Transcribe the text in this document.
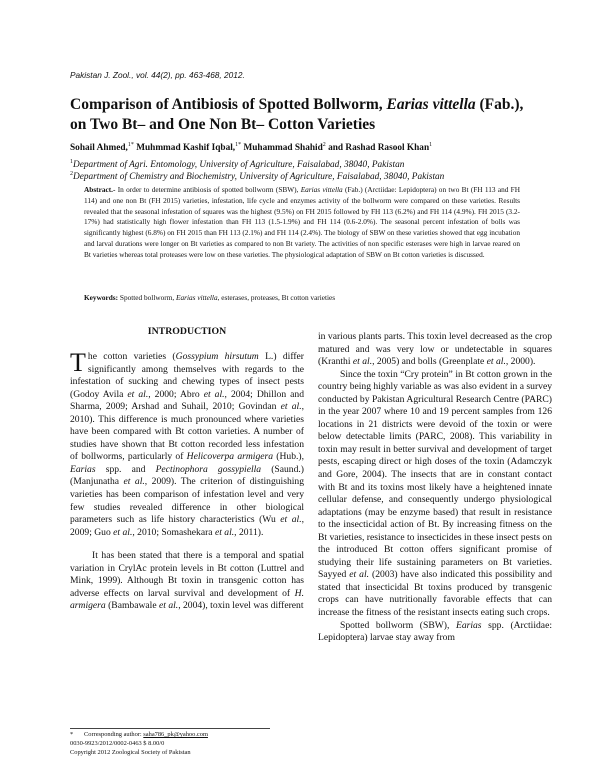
Pakistan J. Zool., vol. 44(2), pp. 463-468, 2012.
Comparison of Antibiosis of Spotted Bollworm, Earias vittella (Fab.), on Two Bt– and One Non Bt– Cotton Varieties
Sohail Ahmed,$^{1*}$ Muhmmad Kashif Iqbal,$^{1*}$ Muhammad Shahid$^2$ and Rashad Rasool Khan$^1$
$^1$Department of Agri. Entomology, University of Agriculture, Faisalabad, 38040, Pakistan
$^2$Department of Chemistry and Biochemistry, University of Agriculture, Faisalabad, 38040, Pakistan
Abstract.- In order to determine antibiosis of spotted bollworm (SBW), Earias vittella (Fab.) (Arctiidae: Lepidoptera) on two Bt (FH 113 and FH 114) and one non Bt (FH 2015) varieties, infestation, life cycle and enzymes activity of the bollworm were compared on these varieties. Results revealed that the seasonal infestation of squares was the highest (9.5%) on FH 2015 followed by FH 113 (6.2%) and FH 114 (4.9%). FH 2015 (3.2-17%) had statistically high flower infestation than FH 113 (1.5-1.9%) and FH 114 (0.6-2.0%). The seasonal percent infestation of bolls was significantly highest (6.8%) on FH 2015 than FH 113 (2.1%) and FH 114 (2.4%). The biology of SBW on these varieties showed that egg incubation and larval durations were longer on Bt varieties as compared to non Bt variety. The activities of non specific esterases were high in larvae reared on Bt varieties whereas total proteases were low on these varieties. The physiological adaptation of SBW on Bt cotton varieties is discussed.
Keywords: Spotted bollworm, Earias vittella, esterases, proteases, Bt cotton varieties
INTRODUCTION

The cotton varieties (Gossypium hirsutum L.) differ significantly among themselves with regards to the infestation of sucking and chewing types of insect pests (Godoy Avila et al., 2000; Abro et al., 2004; Dhillon and Sharma, 2009; Arshad and Suhail, 2010; Govindan et al., 2010). This difference is much pronounced where varieties have been compared with Bt cotton varieties. A number of studies have shown that Bt cotton recorded less infestation of bollworms, particularly of Helicoverpa armigera (Hub.), Earias spp. and Pectinophora gossypiella (Saund.) (Manjunatha et al., 2009). The criterion of distinguishing varieties has been comparison of infestation level and very few studies revealed difference in other biological parameters such as life history characteristics (Wu et al., 2009; Guo et al., 2010; Somashekara et al., 2011).

It has been stated that there is a temporal and spatial variation in CrylAc protein levels in Bt cotton (Luttrel and Mink, 1999). Although Bt toxin in transgenic cotton has adverse effects on larval survival and development of H. armigera (Bambawale et al., 2004), toxin level was different

in various plants parts. This toxin level decreased as the crop matured and was very low or undetectable in squares (Kranthi et al., 2005) and bolls (Greenplate et al., 2000).

Since the toxin “Cry protein” in Bt cotton grown in the country being highly variable as was also evident in a survey conducted by Pakistan Agricultural Research Centre (PARC) in the year 2007 where 10 and 19 percent samples from 126 locations in 21 districts were devoid of the toxin or were below detectable limits (PARC, 2008). This variability in toxin may result in better survival and development of target pests, escaping direct or high doses of the toxin (Adamczyk and Gore, 2004). The insects that are in constant contact with Bt and its toxins most likely have a heightened innate cellular defense, and consequently undergo physiological adaptations (may be enzyme based) that result in resistance to the insecticidal action of Bt. By increasing fitness on the Bt varieties, resistance to insecticides in these insect pests on the introduced Bt cotton offers significant promise of studying their life sustaining parameters on Bt varieties. Sayyed et al. (2003) have also indicated this possibility and stated that insecticidal Bt toxins produced by transgenic crops can have nutritionally favorable effects that can increase the fitness of the resistant insects eating such crops.

Spotted bollworm (SBW), Earias spp. (Arctiidae: Lepidoptera) larvae stay away from

* Corresponding author: saha786_pk@yahoo.com
0030-9923/2012/0002-0463 $ 8.00/0
Copyright 2012 Zoological Society of Pakistan
